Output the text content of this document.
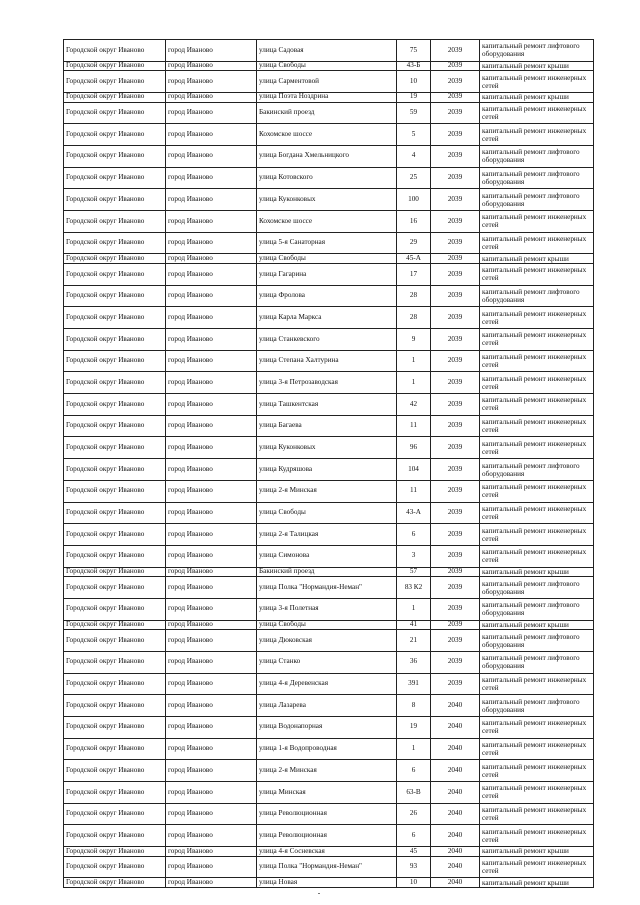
Городской округ Иваново	город Иваново	улица Садовая	75	2039	капитальный ремонт лифтового оборудования
Городской округ Иваново	город Иваново	улица Свободы	43-Б	2039	капитальный ремонт крыши
Городской округ Иваново	город Иваново	улица Сарментовой	10	2039	капитальный ремонт инженерных сетей
Городской округ Иваново	город Иваново	улица Поэта Ноздрина	19	2039	капитальный ремонт крыши
Городской округ Иваново	город Иваново	Бакинский проезд	59	2039	капитальный ремонт инженерных сетей
Городской округ Иваново	город Иваново	Кохомское шоссе	5	2039	капитальный ремонт инженерных сетей
Городской округ Иваново	город Иваново	улица Богдана Хмельницкого	4	2039	капитальный ремонт лифтового оборудования
Городской округ Иваново	город Иваново	улица Котовского	25	2039	капитальный ремонт лифтового оборудования
Городской округ Иваново	город Иваново	улица Куконковых	100	2039	капитальный ремонт лифтового оборудования
Городской округ Иваново	город Иваново	Кохомское шоссе	16	2039	капитальный ремонт инженерных сетей
Городской округ Иваново	город Иваново	улица 5-я Санаторная	29	2039	капитальный ремонт инженерных сетей
Городской округ Иваново	город Иваново	улица Свободы	45-А	2039	капитальный ремонт крыши
Городской округ Иваново	город Иваново	улица Гагарина	17	2039	капитальный ремонт инженерных сетей
Городской округ Иваново	город Иваново	улица Фролова	28	2039	капитальный ремонт лифтового оборудования
Городской округ Иваново	город Иваново	улица Карла Маркса	28	2039	капитальный ремонт инженерных сетей
Городской округ Иваново	город Иваново	улица Станкевского	9	2039	капитальный ремонт инженерных сетей
Городской округ Иваново	город Иваново	улица Степана Халтурина	1	2039	капитальный ремонт инженерных сетей
Городской округ Иваново	город Иваново	улица 3-я Петрозаводская	1	2039	капитальный ремонт инженерных сетей
Городской округ Иваново	город Иваново	улица Ташкентская	42	2039	капитальный ремонт инженерных сетей
Городской округ Иваново	город Иваново	улица Багаева	11	2039	капитальный ремонт инженерных сетей
Городской округ Иваново	город Иваново	улица Куконковых	96	2039	капитальный ремонт инженерных сетей
Городской округ Иваново	город Иваново	улица Кудряшова	104	2039	капитальный ремонт лифтового оборудования
Городской округ Иваново	город Иваново	улица 2-я Минская	11	2039	капитальный ремонт инженерных сетей
Городской округ Иваново	город Иваново	улица Свободы	43-А	2039	капитальный ремонт инженерных сетей
Городской округ Иваново	город Иваново	улица 2-я Талицкая	6	2039	капитальный ремонт инженерных сетей
Городской округ Иваново	город Иваново	улица Симонова	3	2039	капитальный ремонт инженерных сетей
Городской округ Иваново	город Иваново	Бакинский проезд	57	2039	капитальный ремонт крыши
Городской округ Иваново	город Иваново	улица Полка "Нормандия-Неман"	83 К2	2039	капитальный ремонт лифтового оборудования
Городской округ Иваново	город Иваново	улица 3-я Полетная	1	2039	капитальный ремонт лифтового оборудования
Городской округ Иваново	город Иваново	улица Свободы	41	2039	капитальный ремонт крыши
Городской округ Иваново	город Иваново	улица Дюковская	21	2039	капитальный ремонт лифтового оборудования
Городской округ Иваново	город Иваново	улица Станко	36	2039	капитальный ремонт лифтового оборудования
Городской округ Иваново	город Иваново	улица 4-я Деревенская	391	2039	капитальный ремонт инженерных сетей
Городской округ Иваново	город Иваново	улица Лазарева	8	2040	капитальный ремонт лифтового оборудования
Городской округ Иваново	город Иваново	улица Водонапорная	19	2040	капитальный ремонт инженерных сетей
Городской округ Иваново	город Иваново	улица 1-я Водопроводная	1	2040	капитальный ремонт инженерных сетей
Городской округ Иваново	город Иваново	улица 2-я Минская	6	2040	капитальный ремонт инженерных сетей
Городской округ Иваново	город Иваново	улица Минская	63-В	2040	капитальный ремонт инженерных сетей
Городской округ Иваново	город Иваново	улица Революционная	26	2040	капитальный ремонт инженерных сетей
Городской округ Иваново	город Иваново	улица Революционная	6	2040	капитальный ремонт инженерных сетей
Городской округ Иваново	город Иваново	улица 4-я Сосневская	45	2040	капитальный ремонт крыши
Городской округ Иваново	город Иваново	улица Полка "Нормандия-Неман"	93	2040	капитальный ремонт инженерных сетей
Городской округ Иваново	город Иваново	улица Новая	10	2040	капитальный ремонт крыши
